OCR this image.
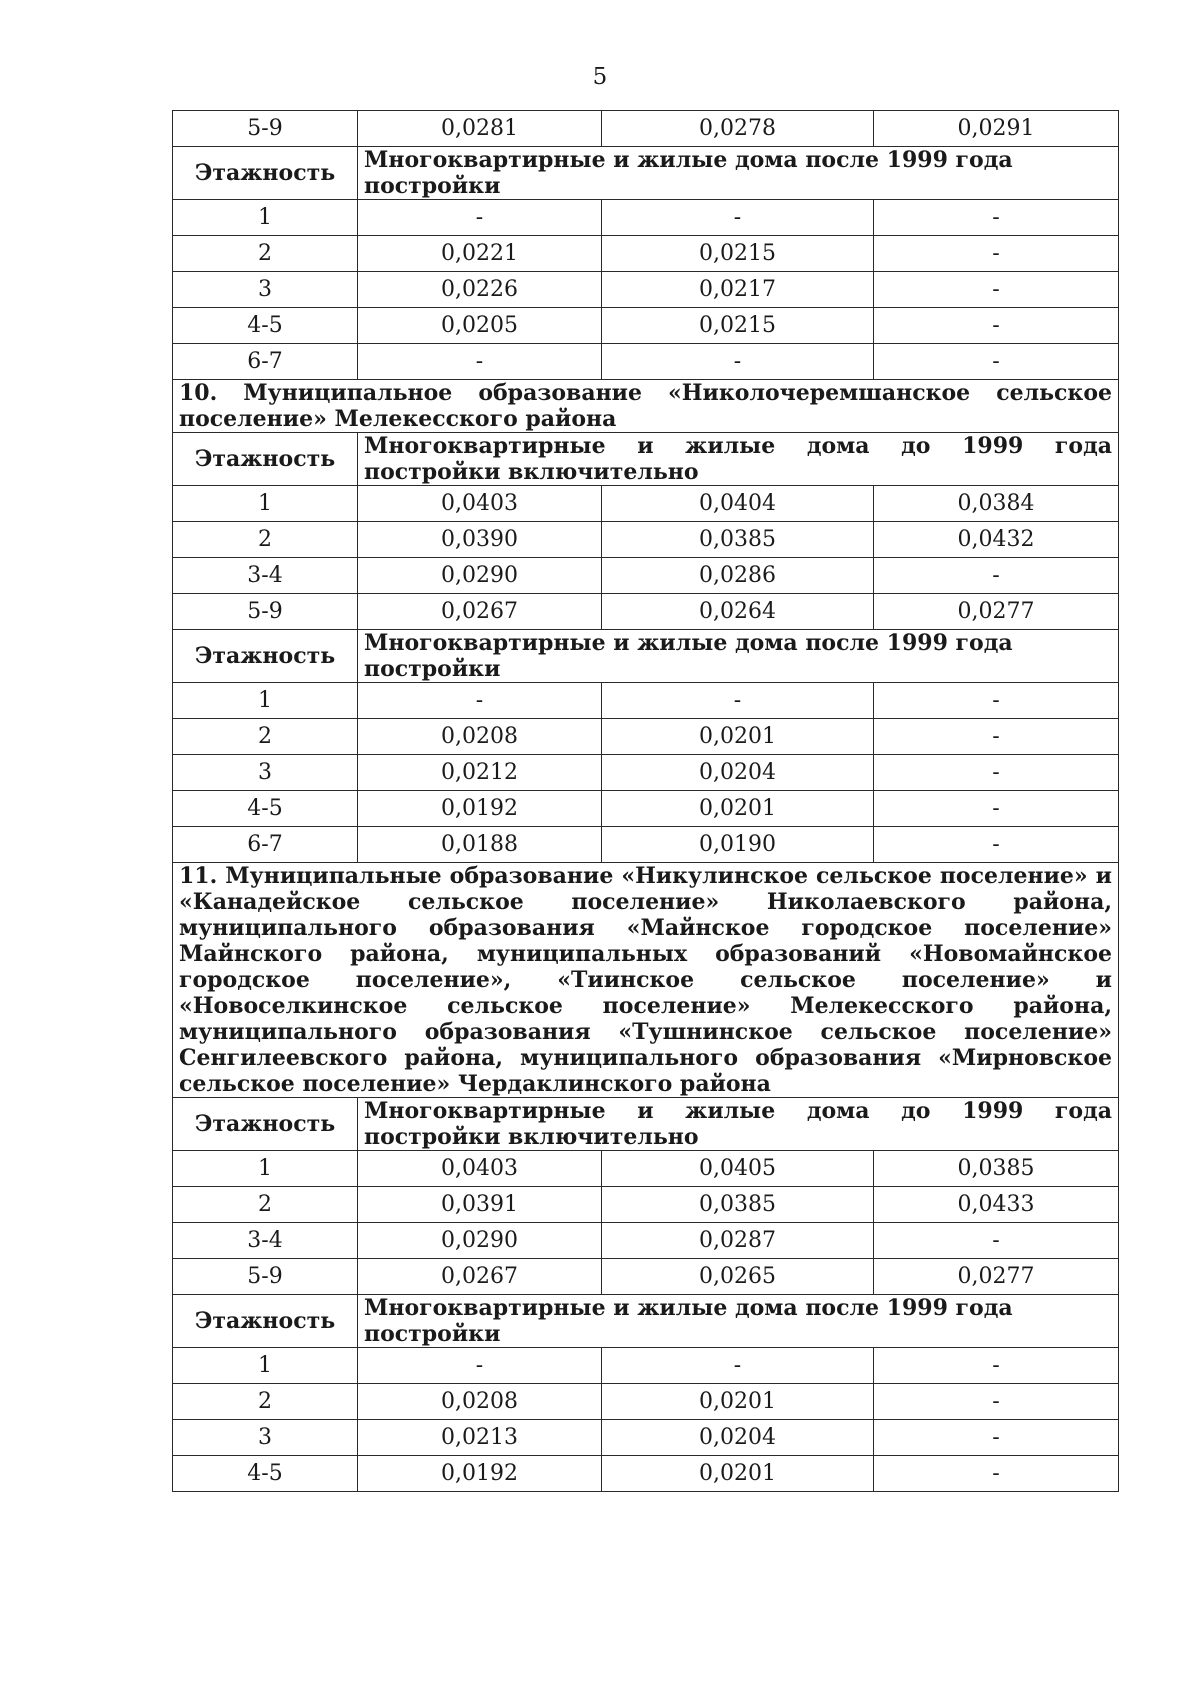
5
5-9	0,0281	0,0278	0,0291
Этажность	Многоквартирные и жилые дома после 1999 года постройки		
1	-	-	-
2	0,0221	0,0215	-
3	0,0226	0,0217	-
4-5	0,0205	0,0215	-
6-7	-	-	-
10. Муниципальное образование «Николочеремшанское сельское поселение» Мелекесского района			
Этажность	Многоквартирные и жилые дома до 1999 года постройки включительно		
1	0,0403	0,0404	0,0384
2	0,0390	0,0385	0,0432
3-4	0,0290	0,0286	-
5-9	0,0267	0,0264	0,0277
Этажность	Многоквартирные и жилые дома после 1999 года постройки		
1	-	-	-
2	0,0208	0,0201	-
3	0,0212	0,0204	-
4-5	0,0192	0,0201	-
6-7	0,0188	0,0190	-
11. Муниципальные образование «Никулинское сельское поселение» и «Канадейское сельское поселение» Николаевского района, муниципального образования «Майнское городское поселение» Майнского района, муниципальных образований «Новомайнское городское поселение», «Тиинское сельское поселение» и «Новоселкинское сельское поселение» Мелекесского района, муниципального образования «Тушнинское сельское поселение» Сенгилеевского района, муниципального образования «Мирновское сельское поселение» Чердаклинского района			
Этажность	Многоквартирные и жилые дома до 1999 года постройки включительно		
1	0,0403	0,0405	0,0385
2	0,0391	0,0385	0,0433
3-4	0,0290	0,0287	-
5-9	0,0267	0,0265	0,0277
Этажность	Многоквартирные и жилые дома после 1999 года постройки		
1	-	-	-
2	0,0208	0,0201	-
3	0,0213	0,0204	-
4-5	0,0192	0,0201	-
